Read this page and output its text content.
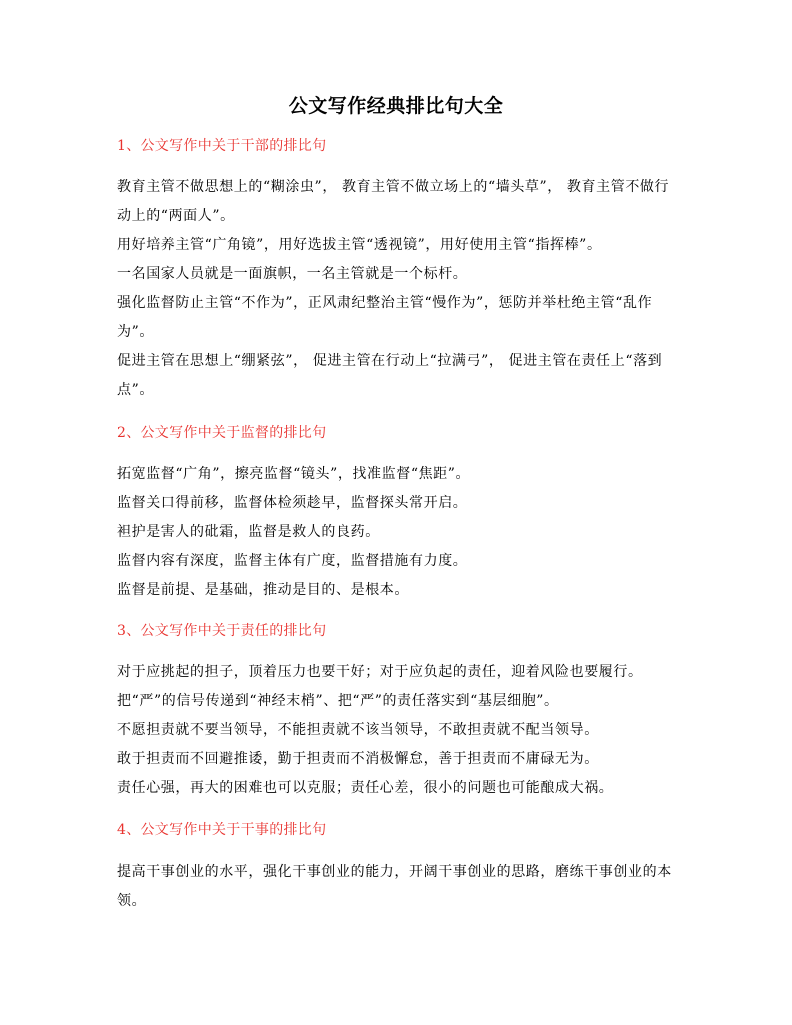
公文写作经典排比句大全
1、公文写作中关于干部的排比句

教育主管不做思想上的“糊涂虫”， 教育主管不做立场上的“墙头草”， 教育主管不做行动上的“两面人”。

用好培养主管“广角镜”，用好选拔主管“透视镜”，用好使用主管“指挥棒”。

一名国家人员就是一面旗帜，一名主管就是一个标杆。

强化监督防止主管“不作为”，正风肃纪整治主管“慢作为”，惩防并举杜绝主管“乱作为”。

促进主管在思想上“绷紧弦”， 促进主管在行动上“拉满弓”， 促进主管在责任上“落到点”。

2、公文写作中关于监督的排比句

拓宽监督“广角”，擦亮监督“镜头”，找准监督“焦距”。

监督关口得前移，监督体检须趁早，监督探头常开启。

袒护是害人的砒霜，监督是救人的良药。

监督内容有深度，监督主体有广度，监督措施有力度。

监督是前提、是基础，推动是目的、是根本。

3、公文写作中关于责任的排比句

对于应挑起的担子，顶着压力也要干好；对于应负起的责任，迎着风险也要履行。

把“严”的信号传递到“神经末梢”、把“严”的责任落实到“基层细胞”。

不愿担责就不要当领导，不能担责就不该当领导，不敢担责就不配当领导。

敢于担责而不回避推诿，勤于担责而不消极懈怠，善于担责而不庸碌无为。

责任心强，再大的困难也可以克服；责任心差，很小的问题也可能酿成大祸。

4、公文写作中关于干事的排比句

提高干事创业的水平，强化干事创业的能力，开阔干事创业的思路，磨练干事创业的本领。
